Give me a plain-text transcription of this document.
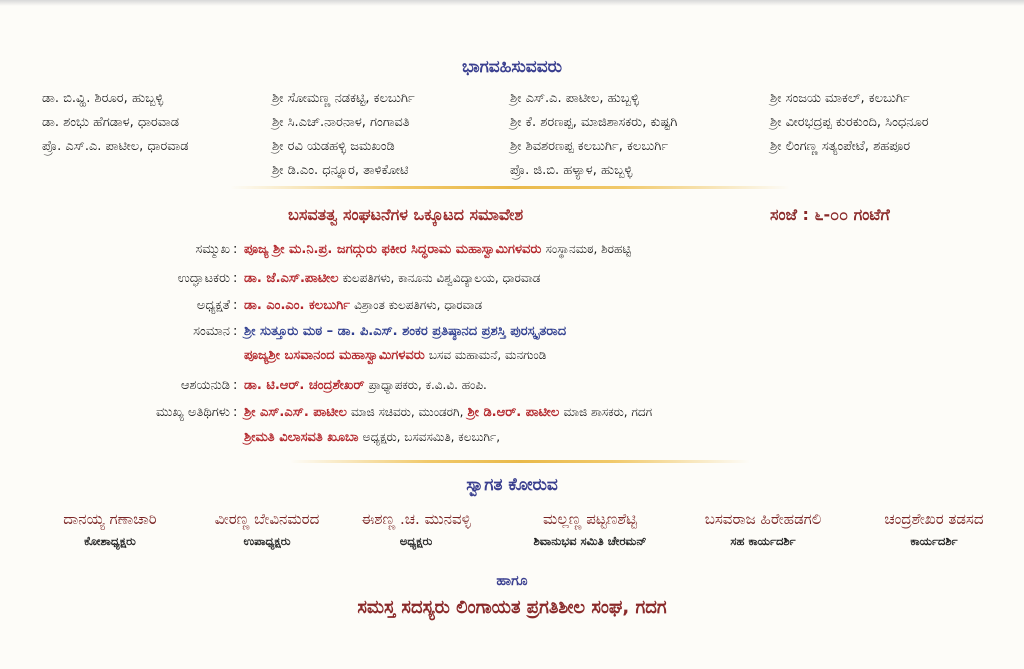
ಭಾಗವಹಿಸುವವರು
ಡಾ. ಬಿ.ವ್ಹಿ. ಶಿರೂರ, ಹುಬ್ಬಳ್ಳಿ
ಡಾ. ಶಂಭು ಹೆಗಡಾಳ, ಧಾರವಾಡ
ಪ್ರೊ. ಎಸ್.ಎ. ಪಾಟೀಲ, ಧಾರವಾಡ
ಶ್ರೀ ಸೋಮಣ್ಣ ನಡಕಟ್ಟಿ, ಕಲಬುರ್ಗಿ
ಶ್ರೀ ಸಿ.ಎಚ್.ನಾರನಾಳ, ಗಂಗಾವತಿ
ಶ್ರೀ ರವಿ ಯಡಹಳ್ಳಿ ಜಮಖಂಡಿ
ಶ್ರೀ ಡಿ.ಎಂ. ಧನ್ನೂರ, ತಾಳಿಕೋಟಿ
ಶ್ರೀ ಎಸ್.ಎ. ಪಾಟೀಲ, ಹುಬ್ಬಳ್ಳಿ
ಶ್ರೀ ಕೆ. ಶರಣಪ್ಪ, ಮಾಜಿಶಾಸಕರು, ಕುಷ್ಟಗಿ
ಶ್ರೀ ಶಿವಶರಣಪ್ಪ ಕಲಬುರ್ಗಿ, ಕಲಬುರ್ಗಿ
ಪ್ರೊ. ಜಿ.ಬಿ. ಹಳ್ಯಾಳ, ಹುಬ್ಬಳ್ಳಿ
ಶ್ರೀ ಸಂಜಯ ಮಾಕಲ್, ಕಲಬುರ್ಗಿ
ಶ್ರೀ ವೀರಭದ್ರಪ್ಪ ಕುರಕುಂದಿ, ಸಿಂಧನೂರ
ಶ್ರೀ ಲಿಂಗಣ್ಣ ಸತ್ಯಂಪೇಟೆ, ಶಹಪೂರ
ಬಸವತತ್ವ ಸಂಘಟನೆಗಳ ಒಕ್ಕೂಟದ ಸಮಾವೇಶ	ಸಂಜೆ : ೬-೦೦ ಗಂಟೆಗೆ
ಸಮ್ಮುಖ : ಪೂಜ್ಯ ಶ್ರೀ ಮ.ನಿ.ಪ್ರ. ಜಗದ್ಗುರು ಫಕೀರ ಸಿದ್ಧರಾಮ ಮಹಾಸ್ವಾಮಿಗಳವರು ಸಂಸ್ಥಾನಮಠ, ಶಿರಹಟ್ಟಿ
ಉದ್ಘಾಟಕರು : ಡಾ. ಜೆ.ಎಸ್.ಪಾಟೀಲ ಕುಲಪತಿಗಳು, ಕಾನೂನು ವಿಶ್ವವಿದ್ಯಾಲಯ, ಧಾರವಾಡ
ಅಧ್ಯಕ್ಷತೆ : ಡಾ. ಎಂ.ಎಂ. ಕಲಬುರ್ಗಿ ವಿಶ್ರಾಂತ ಕುಲಪತಿಗಳು, ಧಾರವಾಡ
ಸಂಮಾನ : ಶ್ರೀ ಸುತ್ತೂರು ಮಠ – ಡಾ. ಪಿ.ಎಸ್. ಶಂಕರ ಪ್ರತಿಷ್ಠಾನದ ಪ್ರಶಸ್ತಿ ಪುರಸ್ಕೃತರಾದ
ಪೂಜ್ಯಶ್ರೀ ಬಸವಾನಂದ ಮಹಾಸ್ವಾಮಿಗಳವರು ಬಸವ ಮಹಾಮನೆ, ಮನಗುಂಡಿ
ಆಶಯನುಡಿ : ಡಾ. ಟಿ.ಆರ್. ಚಂದ್ರಶೇಖರ್ ಪ್ರಾಧ್ಯಾಪಕರು, ಕ.ವಿ.ವಿ. ಹಂಪಿ.
ಮುಖ್ಯ ಅತಿಥಿಗಳು : ಶ್ರೀ ಎಸ್.ಎಸ್. ಪಾಟೀಲ ಮಾಜಿ ಸಚಿವರು, ಮುಂಡರಗಿ, ಶ್ರೀ ಡಿ.ಆರ್. ಪಾಟೀಲ ಮಾಜಿ ಶಾಸಕರು, ಗದಗ
ಶ್ರೀಮತಿ ವಿಲಾಸವತಿ ಖೂಬಾ ಅಧ್ಯಕ್ಷರು, ಬಸವಸಮಿತಿ, ಕಲಬುರ್ಗಿ,
ಸ್ವಾಗತ ಕೋರುವ
ದಾನಯ್ಯ ಗಣಾಚಾರಿ
ಕೋಶಾಧ್ಯಕ್ಷರು
ವೀರಣ್ಣ ಬೇವಿನಮರದ
ಉಪಾಧ್ಯಕ್ಷರು
ಈಶಣ್ಣ .ಚ. ಮುನವಳ್ಳಿ
ಅಧ್ಯಕ್ಷರು
ಮಲ್ಲಣ್ಣ ಪಟ್ಟಣಶೆಟ್ಟಿ
ಶಿವಾನುಭವ ಸಮಿತಿ ಚೇರಮನ್
ಬಸವರಾಜ ಹಿರೇಹಡಗಲಿ
ಸಹ ಕಾರ್ಯದರ್ಶಿ
ಚಂದ್ರಶೇಖರ ತಡಸದ
ಕಾರ್ಯದರ್ಶಿ
ಹಾಗೂ
ಸಮಸ್ತ ಸದಸ್ಯರು ಲಿಂಗಾಯತ ಪ್ರಗತಿಶೀಲ ಸಂಘ, ಗದಗ
